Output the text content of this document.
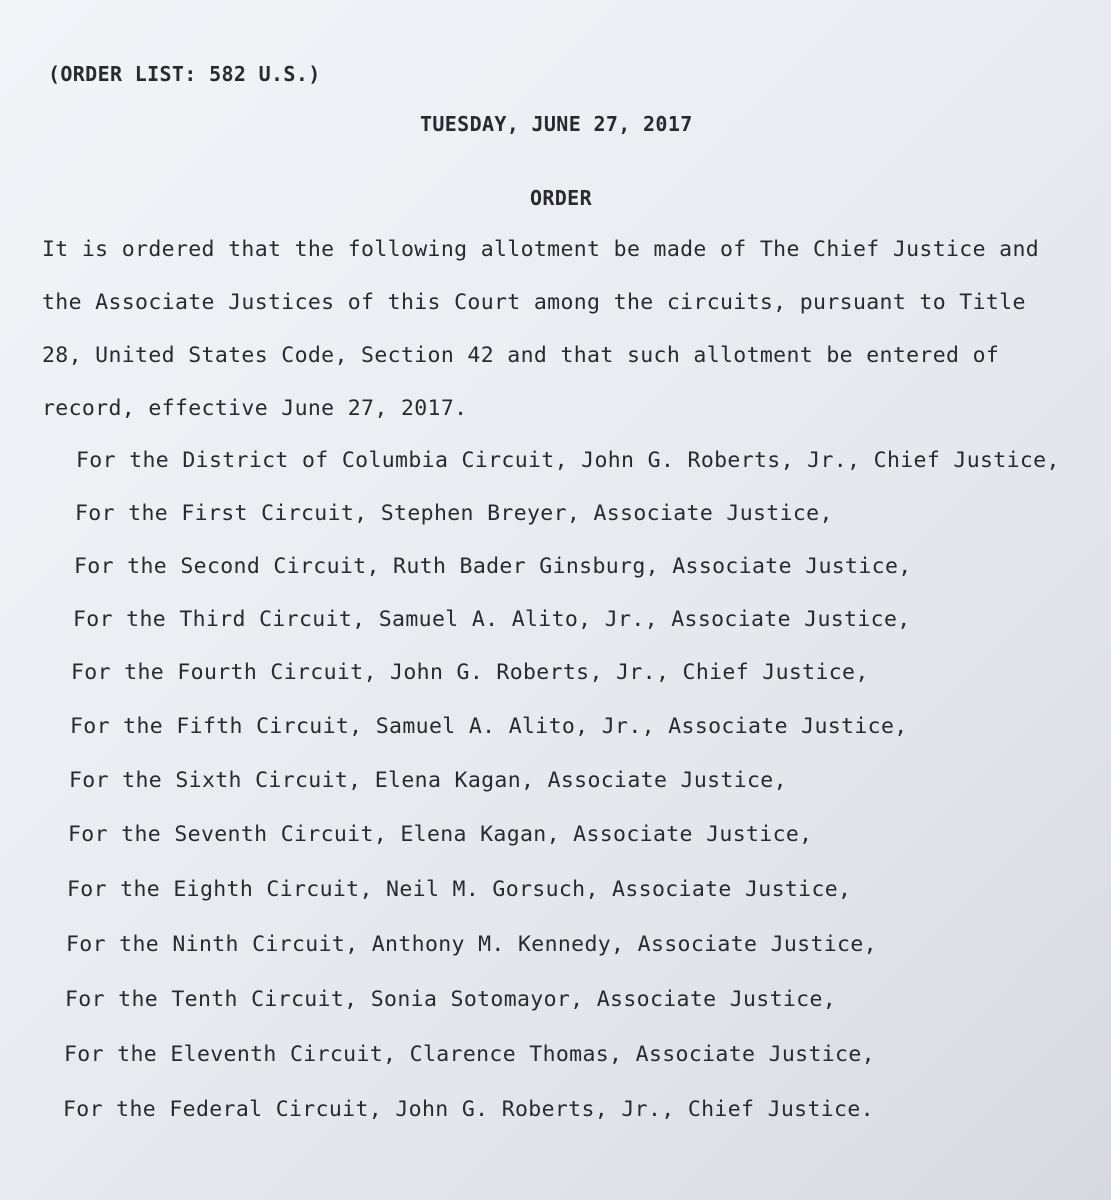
(ORDER LIST: 582 U.S.)
TUESDAY, JUNE 27, 2017
ORDER
It is ordered that the following allotment be made of The Chief Justice and
the Associate Justices of this Court among the circuits, pursuant to Title
28, United States Code, Section 42 and that such allotment be entered of
record, effective June 27, 2017.
For the District of Columbia Circuit, John G. Roberts, Jr., Chief Justice,
For the First Circuit, Stephen Breyer, Associate Justice,
For the Second Circuit, Ruth Bader Ginsburg, Associate Justice,
For the Third Circuit, Samuel A. Alito, Jr., Associate Justice,
For the Fourth Circuit, John G. Roberts, Jr., Chief Justice,
For the Fifth Circuit, Samuel A. Alito, Jr., Associate Justice,
For the Sixth Circuit, Elena Kagan, Associate Justice,
For the Seventh Circuit, Elena Kagan, Associate Justice,
For the Eighth Circuit, Neil M. Gorsuch, Associate Justice,
For the Ninth Circuit, Anthony M. Kennedy, Associate Justice,
For the Tenth Circuit, Sonia Sotomayor, Associate Justice,
For the Eleventh Circuit, Clarence Thomas, Associate Justice,
For the Federal Circuit, John G. Roberts, Jr., Chief Justice.
